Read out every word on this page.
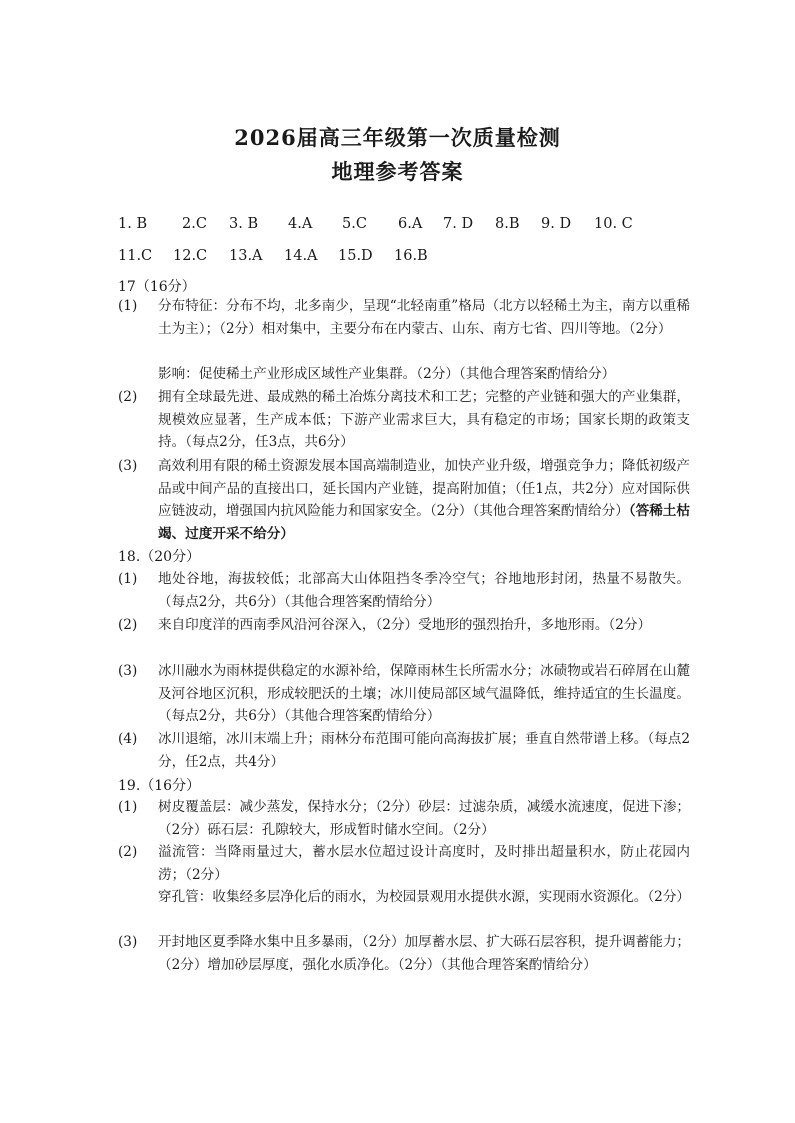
2026届高三年级第一次质量检测
地理参考答案
1. B 2.C 3. B 4.A 5.C 6.A 7. D 8.B 9. D 10. C
11.C 12.C 13.A 14.A 15.D 16.B
17（16分）
(1) 分布特征：分布不均，北多南少，呈现“北轻南重”格局（北方以轻稀土为主，南方以重稀土为主）；（2分）相对集中，主要分布在内蒙古、山东、南方七省、四川等地。（2分）
影响：促使稀土产业形成区域性产业集群。（2分）（其他合理答案酌情给分）
(2) 拥有全球最先进、最成熟的稀土冶炼分离技术和工艺；完整的产业链和强大的产业集群，规模效应显著，生产成本低；下游产业需求巨大，具有稳定的市场；国家长期的政策支持。（每点2分，任3点，共6分）
(3) 高效利用有限的稀土资源发展本国高端制造业，加快产业升级，增强竞争力；降低初级产品或中间产品的直接出口，延长国内产业链，提高附加值；（任1点，共2分）应对国际供应链波动，增强国内抗风险能力和国家安全。（2分）（其他合理答案酌情给分）（答稀土枯竭、过度开采不给分）
18.（20分）
(1) 地处谷地，海拔较低；北部高大山体阻挡冬季冷空气；谷地地形封闭，热量不易散失。（每点2分，共6分）（其他合理答案酌情给分）
(2) 来自印度洋的西南季风沿河谷深入，（2分）受地形的强烈抬升，多地形雨。（2分）
(3) 冰川融水为雨林提供稳定的水源补给，保障雨林生长所需水分；冰碛物或岩石碎屑在山麓及河谷地区沉积，形成较肥沃的土壤；冰川使局部区域气温降低，维持适宜的生长温度。（每点2分，共6分）（其他合理答案酌情给分）
(4) 冰川退缩，冰川末端上升；雨林分布范围可能向高海拔扩展；垂直自然带谱上移。（每点2分，任2点，共4分）
19.（16分）
(1) 树皮覆盖层：减少蒸发，保持水分；（2分）砂层：过滤杂质，减缓水流速度，促进下渗；（2分）砾石层：孔隙较大，形成暂时储水空间。（2分）
(2) 溢流管：当降雨量过大，蓄水层水位超过设计高度时，及时排出超量积水，防止花园内涝；（2分）
穿孔管：收集经多层净化后的雨水，为校园景观用水提供水源，实现雨水资源化。（2分）
(3) 开封地区夏季降水集中且多暴雨，（2分）加厚蓄水层、扩大砾石层容积，提升调蓄能力；（2分）增加砂层厚度，强化水质净化。（2分）（其他合理答案酌情给分）
